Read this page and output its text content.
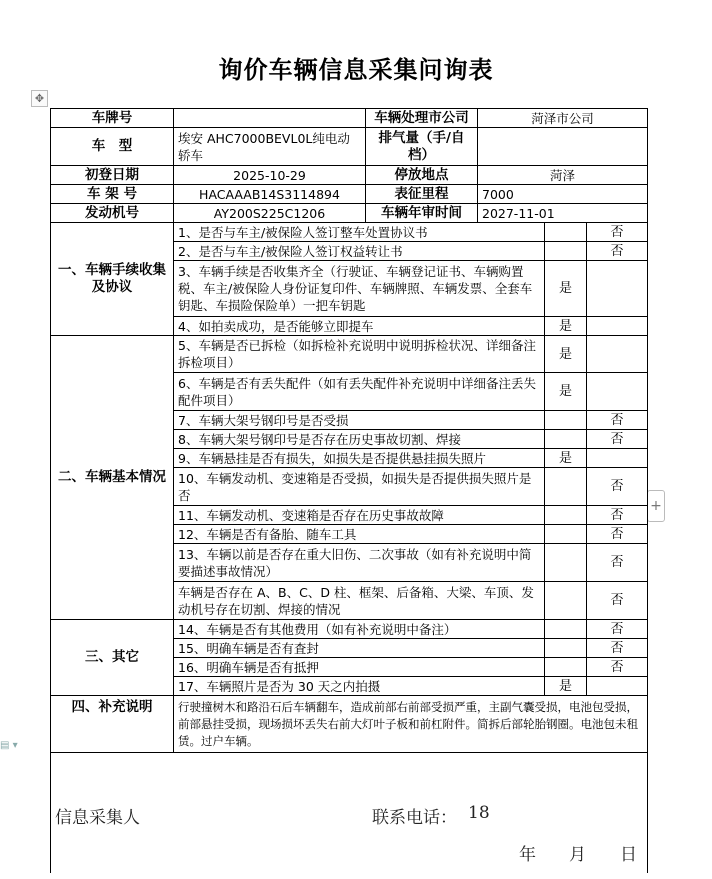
询价车辆信息采集问询表
✥
+
▤ ▾
车牌号		车辆处理市公司	菏泽市公司		
车　型	埃安 AHC7000BEVL0L纯电动轿车	排气量（手/自档）			
初登日期	2025-10-29	停放地点	菏泽		
车 架 号	HACAAAB14S3114894	表征里程	7000		
发动机号	AY200S225C1206	车辆年审时间	2027-11-01		
一、车辆手续收集及协议	1、是否与车主/被保险人签订整车处置协议书				否
	2、是否与车主/被保险人签订权益转让书				否
	3、车辆手续是否收集齐全（行驶证、车辆登记证书、车辆购置税、车主/被保险人身份证复印件、车辆牌照、车辆发票、全套车钥匙、车损险保险单）一把车钥匙			是	
	4、如拍卖成功，是否能够立即提车			是	
二、车辆基本情况	5、车辆是否已拆检（如拆检补充说明中说明拆检状况、详细备注拆检项目）			是	
	6、车辆是否有丢失配件（如有丢失配件补充说明中详细备注丢失配件项目）			是	
	7、车辆大架号钢印号是否受损				否
	8、车辆大架号钢印号是否存在历史事故切割、焊接				否
	9、车辆悬挂是否有损失，如损失是否提供悬挂损失照片			是	
	10、车辆发动机、变速箱是否受损，如损失是否提供损失照片是否				否
	11、车辆发动机、变速箱是否存在历史事故故障				否
	12、车辆是否有备胎、随车工具				否
	13、车辆以前是否存在重大旧伤、二次事故（如有补充说明中简要描述事故情况）				否
	车辆是否存在 A、B、C、D 柱、框架、后备箱、大梁、车顶、发动机号存在切割、焊接的情况				否
三、其它	14、车辆是否有其他费用（如有补充说明中备注）				否
	15、明确车辆是否有査封				否
	16、明确车辆是否有抵押				否
	17、车辆照片是否为 30 天之内拍摄			是	
四、补充说明	行驶撞树木和路沿石后车辆翻车，造成前部右前部受损严重，主副气囊受损，电池包受损，前部悬挂受损，现场损坏丢失右前大灯叶子板和前杠附件。简拆后部轮胎钢圈。电池包未租赁。过户车辆。				

信息采集人	联系电话： 18
年 月 日
